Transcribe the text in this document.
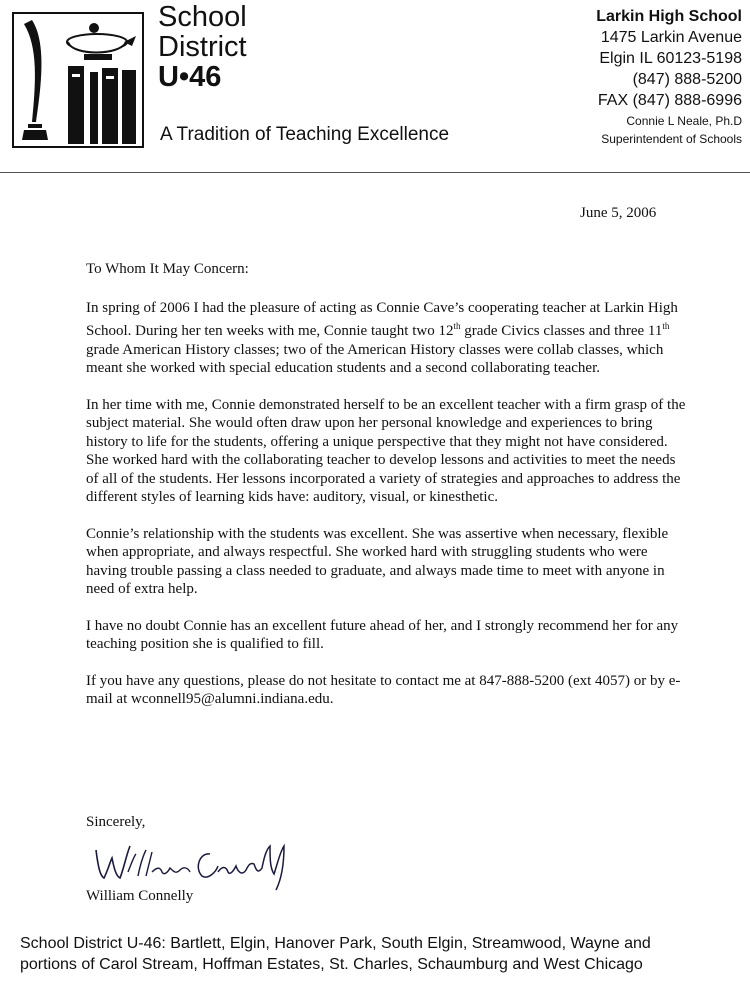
School
District
U•46
A Tradition of Teaching Excellence
Larkin High School
1475 Larkin Avenue
Elgin IL 60123-5198
(847) 888-5200
FAX (847) 888-6996
Connie L Neale, Ph.D
Superintendent of Schools
June 5, 2006

To Whom It May Concern:

In spring of 2006 I had the pleasure of acting as Connie Cave’s cooperating teacher at Larkin High School. During her ten weeks with me, Connie taught two 12th grade Civics classes and three 11th grade American History classes; two of the American History classes were collab classes, which meant she worked with special education students and a second collaborating teacher.

In her time with me, Connie demonstrated herself to be an excellent teacher with a firm grasp of the subject material. She would often draw upon her personal knowledge and experiences to bring history to life for the students, offering a unique perspective that they might not have considered. She worked hard with the collaborating teacher to develop lessons and activities to meet the needs of all of the students. Her lessons incorporated a variety of strategies and approaches to address the different styles of learning kids have: auditory, visual, or kinesthetic.

Connie’s relationship with the students was excellent. She was assertive when necessary, flexible when appropriate, and always respectful. She worked hard with struggling students who were having trouble passing a class needed to graduate, and always made time to meet with anyone in need of extra help.

I have no doubt Connie has an excellent future ahead of her, and I strongly recommend her for any teaching position she is qualified to fill.

If you have any questions, please do not hesitate to contact me at 847-888-5200 (ext 4057) or by e-mail at wconnell95@alumni.indiana.edu.

Sincerely,
William Connelly
School District U-46: Bartlett, Elgin, Hanover Park, South Elgin, Streamwood, Wayne and
portions of Carol Stream, Hoffman Estates, St. Charles, Schaumburg and West Chicago
